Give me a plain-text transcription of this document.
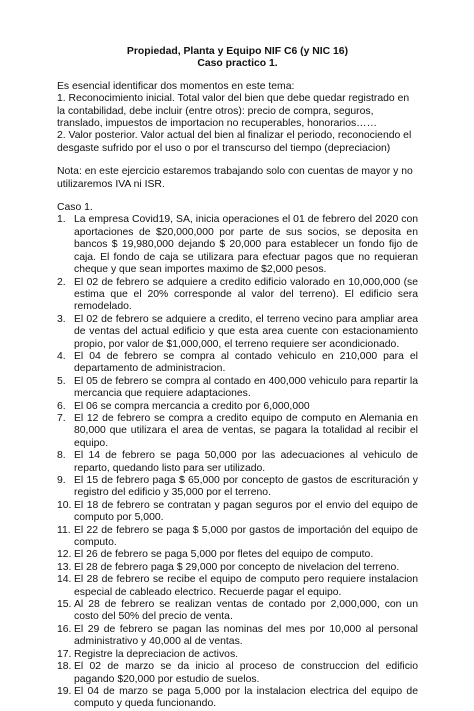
Propiedad, Planta y Equipo NIF C6 (y NIC 16)

Caso practico 1.

Es esencial identificar dos momentos en este tema:

1. Reconocimiento inicial. Total valor del bien que debe quedar registrado en la contabilidad, debe incluir (entre otros): precio de compra, seguros, translado, impuestos de importacion no recuperables, honorarios……

2. Valor posterior. Valor actual del bien al finalizar el periodo, reconociendo el desgaste sufrido por el uso o por el transcurso del tiempo (depreciacion)

Nota: en este ejercicio estaremos trabajando solo con cuentas de mayor y no utilizaremos IVA ni ISR.

Caso 1.

1. La empresa Covid19, SA, inicia operaciones el 01 de febrero del 2020 con aportaciones de $20,000,000 por parte de sus socios, se deposita en bancos $ 19,980,000 dejando $ 20,000 para establecer un fondo fijo de caja. El fondo de caja se utilizara para efectuar pagos que no requieran cheque y que sean importes maximo de $2,000 pesos.
2. El 02 de febrero se adquiere a credito edificio valorado en 10,000,000 (se estima que el 20% corresponde al valor del terreno). El edificio sera remodelado.
3. El 02 de febrero se adquiere a credito, el terreno vecino para ampliar area de ventas del actual edificio y que esta area cuente con estacionamiento propio, por valor de $1,000,000, el terreno requiere ser acondicionado.
4. El 04 de febrero se compra al contado vehiculo en 210,000 para el departamento de administracion.
5. El 05 de febrero se compra al contado en 400,000 vehiculo para repartir la mercancia que requiere adaptaciones.
6. El 06 se compra mercancia a credito por 6,000,000
7. El 12 de febrero se compra a credito equipo de computo en Alemania en 80,000 que utilizara el area de ventas, se pagara la totalidad al recibir el equipo.
8. El 14 de febrero se paga 50,000 por las adecuaciones al vehiculo de reparto, quedando listo para ser utilizado.
9. El 15 de febrero paga $ 65,000 por concepto de gastos de escrituración y registro del edificio y 35,000 por el terreno.
10. El 18 de febrero se contratan y pagan seguros por el envio del equipo de computo por 5,000.
11. El 22 de febrero se paga $ 5,000 por gastos de importación del equipo de computo.
12. El 26 de febrero se paga 5,000 por fletes del equipo de computo.
13. El 28 de febrero paga $ 29,000 por concepto de nivelacion del terreno.
14. El 28 de febrero se recibe el equipo de computo pero requiere instalacion especial de cableado electrico. Recuerde pagar el equipo.
15. Al 28 de febrero se realizan ventas de contado por 2,000,000, con un costo del 50% del precio de venta.
16. El 29 de febrero se pagan las nominas del mes por 10,000 al personal administrativo y 40,000 al de ventas.
17. Registre la depreciacion de activos.
18. El 02 de marzo se da inicio al proceso de construccion del edificio pagando $20,000 por estudio de suelos.
19. El 04 de marzo se paga 5,000 por la instalacion electrica del equipo de computo y queda funcionando.
